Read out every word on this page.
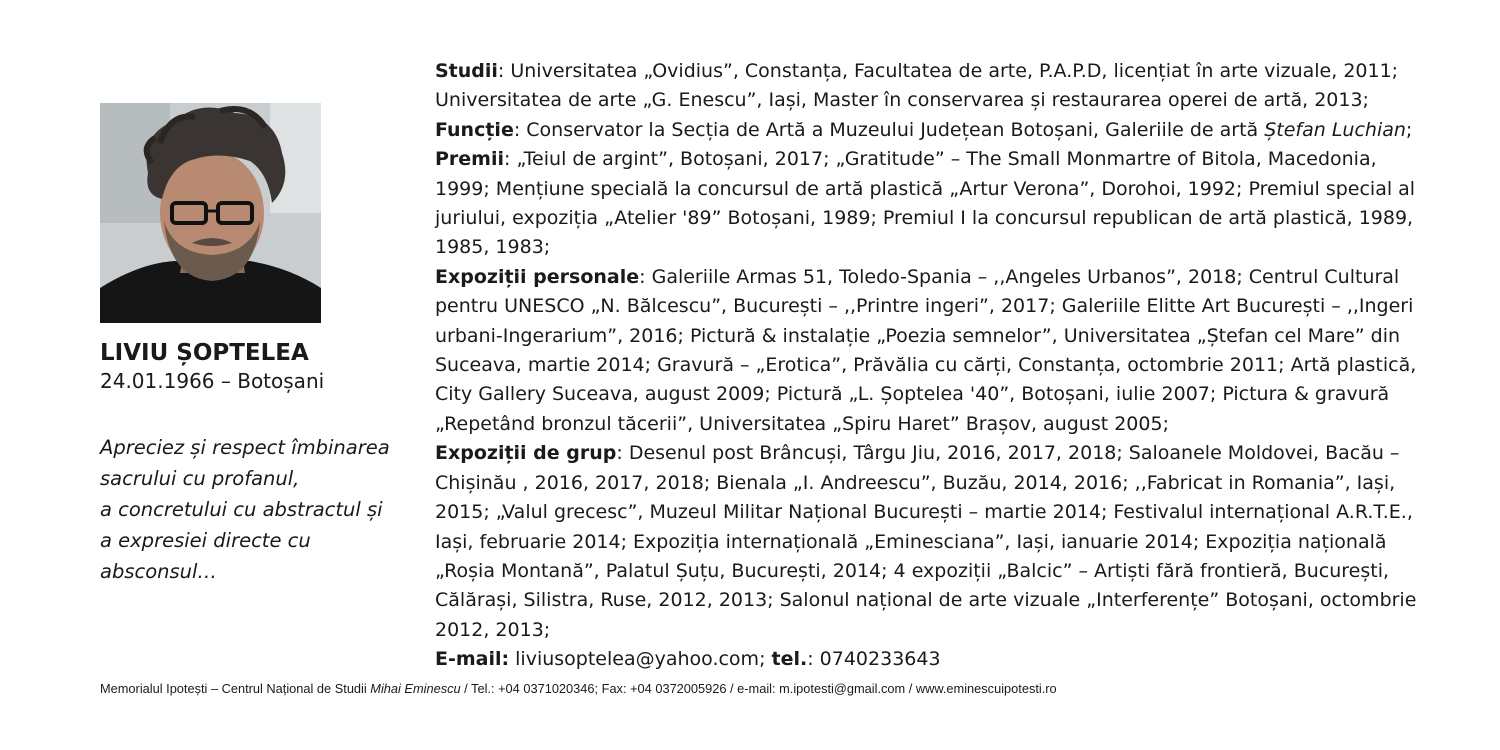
LIVIU ȘOPTELEA
24.01.1966 – Botoșani
Apreciez și respect îmbinarea
sacrului cu profanul,
a concretului cu abstractul și
a expresiei directe cu
absconsul…
Studii: Universitatea „Ovidius”, Constanța, Facultatea de arte, P.A.P.D, licențiat în arte vizuale, 2011;
Universitatea de arte „G. Enescu”, Iași, Master în conservarea și restaurarea operei de artă, 2013;
Funcție: Conservator la Secția de Artă a Muzeului Județean Botoșani, Galeriile de artă Ștefan Luchian;
Premii: „Teiul de argint”, Botoșani, 2017; „Gratitude” – The Small Monmartre of Bitola, Macedonia,
1999; Mențiune specială la concursul de artă plastică „Artur Verona”, Dorohoi, 1992; Premiul special al
juriului, expoziția „Atelier '89” Botoșani, 1989; Premiul I la concursul republican de artă plastică, 1989,
1985, 1983;
Expoziții personale: Galeriile Armas 51, Toledo-Spania – ,,Angeles Urbanos”, 2018; Centrul Cultural
pentru UNESCO „N. Bălcescu”, București – ,,Printre ingeri”, 2017; Galeriile Elitte Art București – ,,Ingeri
urbani-Ingerarium”, 2016; Pictură & instalație „Poezia semnelor”, Universitatea „Ștefan cel Mare” din
Suceava, martie 2014; Gravură – „Erotica”, Prăvălia cu cărți, Constanța, octombrie 2011; Artă plastică,
City Gallery Suceava, august 2009; Pictură „L. Șoptelea '40”, Botoșani, iulie 2007; Pictura & gravură
„Repetând bronzul tăcerii”, Universitatea „Spiru Haret” Brașov, august 2005;
Expoziții de grup: Desenul post Brâncuși, Târgu Jiu, 2016, 2017, 2018; Saloanele Moldovei, Bacău –
Chișinău , 2016, 2017, 2018; Bienala „I. Andreescu”, Buzău, 2014, 2016; ,,Fabricat in Romania”, Iași,
2015; „Valul grecesc”, Muzeul Militar Național București – martie 2014; Festivalul internațional A.R.T.E.,
Iași, februarie 2014; Expoziția internațională „Eminesciana”, Iași, ianuarie 2014; Expoziția națională
„Roșia Montană”, Palatul Șuțu, București, 2014; 4 expoziții „Balcic” – Artiști fără frontieră, București,
Călărași, Silistra, Ruse, 2012, 2013; Salonul național de arte vizuale „Interferențe” Botoșani, octombrie
2012, 2013;
E-mail: liviusoptelea@yahoo.com; tel.: 0740233643
Memorialul Ipotești – Centrul Național de Studii Mihai Eminescu / Tel.: +04 0371020346; Fax: +04 0372005926 / e-mail: m.ipotesti@gmail.com / www.eminescuipotesti.ro
